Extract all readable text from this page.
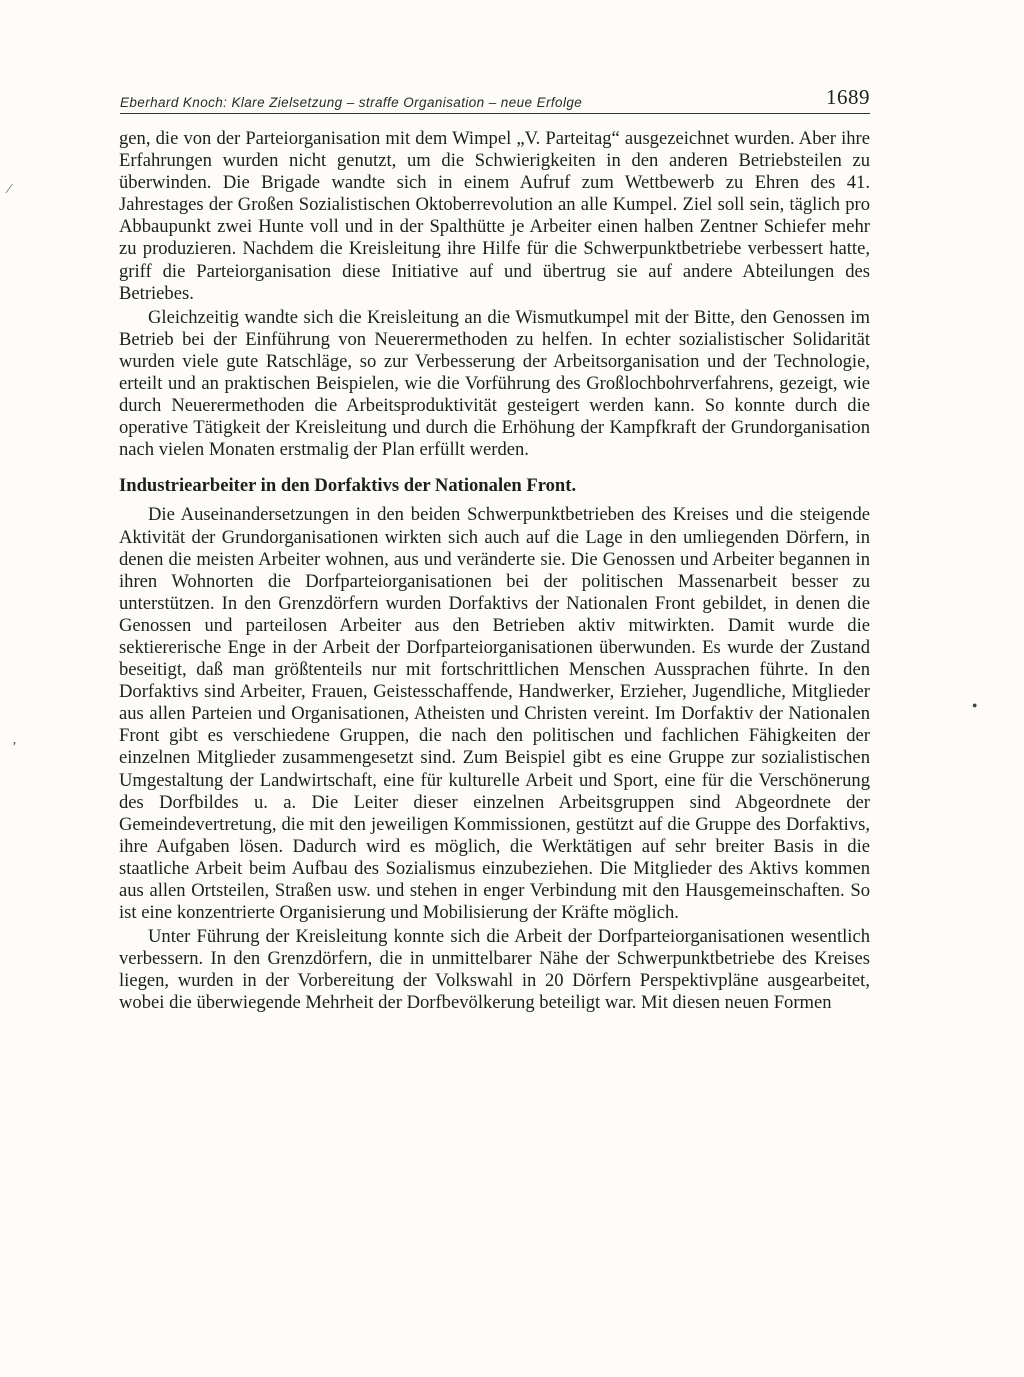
Eberhard Knoch: Klare Zielsetzung – straffe Organisation – neue Erfolge	1689
⁄
ʼ
●

gen, die von der Parteiorganisation mit dem Wimpel „V. Parteitag“ ausgezeichnet wurden. Aber ihre Erfahrungen wurden nicht genutzt, um die Schwierigkeiten in den anderen Betriebsteilen zu überwinden. Die Brigade wandte sich in einem Aufruf zum Wettbewerb zu Ehren des 41. Jahrestages der Großen Sozialistischen Oktoberrevolution an alle Kumpel. Ziel soll sein, täglich pro Abbaupunkt zwei Hunte voll und in der Spalthütte je Arbeiter einen halben Zentner Schiefer mehr zu produzieren. Nachdem die Kreisleitung ihre Hilfe für die Schwerpunktbetriebe verbessert hatte, griff die Parteiorganisation diese Initiative auf und übertrug sie auf andere Abteilungen des Betriebes.

Gleichzeitig wandte sich die Kreisleitung an die Wismutkumpel mit der Bitte, den Genossen im Betrieb bei der Einführung von Neuerermethoden zu helfen. In echter sozialistischer Solidarität wurden viele gute Ratschläge, so zur Verbesserung der Arbeitsorganisation und der Technologie, erteilt und an praktischen Beispielen, wie die Vorführung des Großlochbohrverfahrens, gezeigt, wie durch Neuerermethoden die Arbeitsproduktivität gesteigert werden kann. So konnte durch die operative Tätigkeit der Kreisleitung und durch die Erhöhung der Kampfkraft der Grundorganisation nach vielen Monaten erstmalig der Plan erfüllt werden.

Industriearbeiter in den Dorfaktivs der Nationalen Front.

Die Auseinandersetzungen in den beiden Schwerpunktbetrieben des Kreises und die steigende Aktivität der Grundorganisationen wirkten sich auch auf die Lage in den umliegenden Dörfern, in denen die meisten Arbeiter wohnen, aus und veränderte sie. Die Genossen und Arbeiter begannen in ihren Wohnorten die Dorfparteiorganisationen bei der politischen Massenarbeit besser zu unterstützen. In den Grenzdörfern wurden Dorfaktivs der Nationalen Front gebildet, in denen die Genossen und parteilosen Arbeiter aus den Betrieben aktiv mitwirkten. Damit wurde die sektiererische Enge in der Arbeit der Dorfparteiorganisationen überwunden. Es wurde der Zustand beseitigt, daß man größtenteils nur mit fortschrittlichen Menschen Aussprachen führte. In den Dorfaktivs sind Arbeiter, Frauen, Geistesschaffende, Handwerker, Erzieher, Jugendliche, Mitglieder aus allen Parteien und Organisationen, Atheisten und Christen vereint. Im Dorfaktiv der Nationalen Front gibt es verschiedene Gruppen, die nach den politischen und fachlichen Fähigkeiten der einzelnen Mitglieder zusammengesetzt sind. Zum Beispiel gibt es eine Gruppe zur sozialistischen Umgestaltung der Landwirtschaft, eine für kulturelle Arbeit und Sport, eine für die Verschönerung des Dorfbildes u. a. Die Leiter dieser einzelnen Arbeitsgruppen sind Abgeordnete der Gemeindevertretung, die mit den jeweiligen Kommissionen, gestützt auf die Gruppe des Dorfaktivs, ihre Aufgaben lösen. Dadurch wird es möglich, die Werktätigen auf sehr breiter Basis in die staatliche Arbeit beim Aufbau des Sozialismus einzubeziehen. Die Mitglieder des Aktivs kommen aus allen Ortsteilen, Straßen usw. und stehen in enger Verbindung mit den Hausgemeinschaften. So ist eine konzentrierte Organisierung und Mobilisierung der Kräfte möglich.

Unter Führung der Kreisleitung konnte sich die Arbeit der Dorfparteiorganisationen wesentlich verbessern. In den Grenzdörfern, die in unmittelbarer Nähe der Schwerpunktbetriebe des Kreises liegen, wurden in der Vorbereitung der Volkswahl in 20 Dörfern Perspektivpläne ausgearbeitet, wobei die überwiegende Mehrheit der Dorfbevölkerung beteiligt war. Mit diesen neuen Formen
